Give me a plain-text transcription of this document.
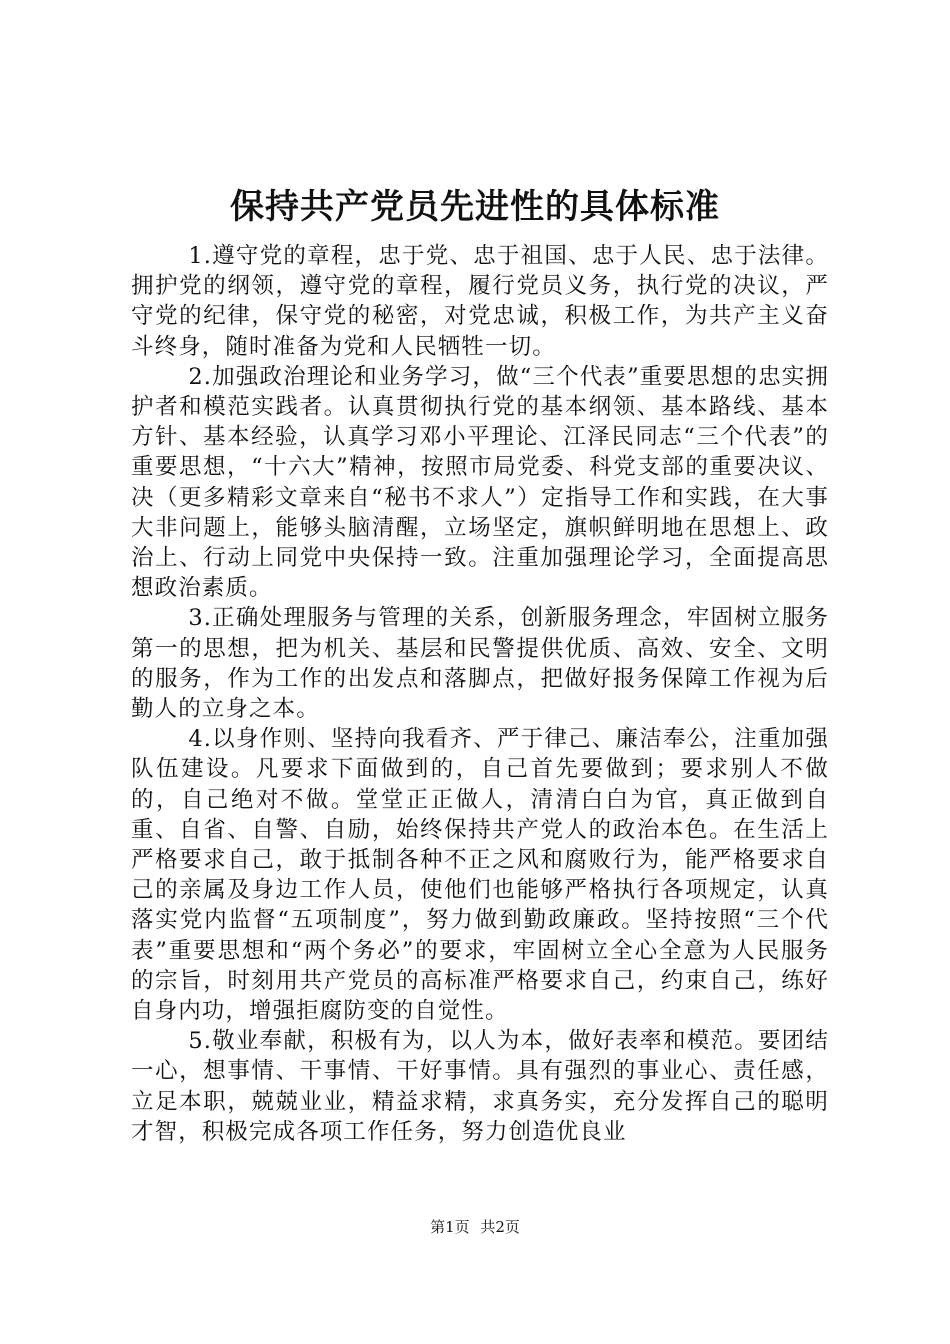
保持共产党员先进性的具体标准

1.遵守党的章程，忠于党、忠于祖国、忠于人民、忠于法律。拥护党的纲领，遵守党的章程，履行党员义务，执行党的决议，严守党的纪律，保守党的秘密，对党忠诚，积极工作，为共产主义奋斗终身，随时准备为党和人民牺牲一切。

2.加强政治理论和业务学习，做“三个代表”重要思想的忠实拥护者和模范实践者。认真贯彻执行党的基本纲领、基本路线、基本方针、基本经验，认真学习邓小平理论、江泽民同志“三个代表”的重要思想，“十六大”精神，按照市局党委、科党支部的重要决议、决（更多精彩文章来自“秘书不求人”）定指导工作和实践，在大事大非问题上，能够头脑清醒，立场坚定，旗帜鲜明地在思想上、政治上、行动上同党中央保持一致。注重加强理论学习，全面提高思想政治素质。

3.正确处理服务与管理的关系，创新服务理念，牢固树立服务第一的思想，把为机关、基层和民警提供优质、高效、安全、文明的服务，作为工作的出发点和落脚点，把做好报务保障工作视为后勤人的立身之本。

4.以身作则、坚持向我看齐、严于律己、廉洁奉公，注重加强队伍建设。凡要求下面做到的，自己首先要做到；要求别人不做的，自己绝对不做。堂堂正正做人，清清白白为官，真正做到自重、自省、自警、自励，始终保持共产党人的政治本色。在生活上严格要求自己，敢于抵制各种不正之风和腐败行为，能严格要求自己的亲属及身边工作人员，使他们也能够严格执行各项规定，认真落实党内监督“五项制度”，努力做到勤政廉政。坚持按照“三个代表”重要思想和“两个务必”的要求，牢固树立全心全意为人民服务的宗旨，时刻用共产党员的高标准严格要求自己，约束自己，练好自身内功，增强拒腐防变的自觉性。

5.敬业奉献，积极有为，以人为本，做好表率和模范。要团结一心，想事情、干事情、干好事情。具有强烈的事业心、责任感，立足本职，兢兢业业，精益求精，求真务实，充分发挥自己的聪明才智，积极完成各项工作任务，努力创造优良业

第1页 共2页
